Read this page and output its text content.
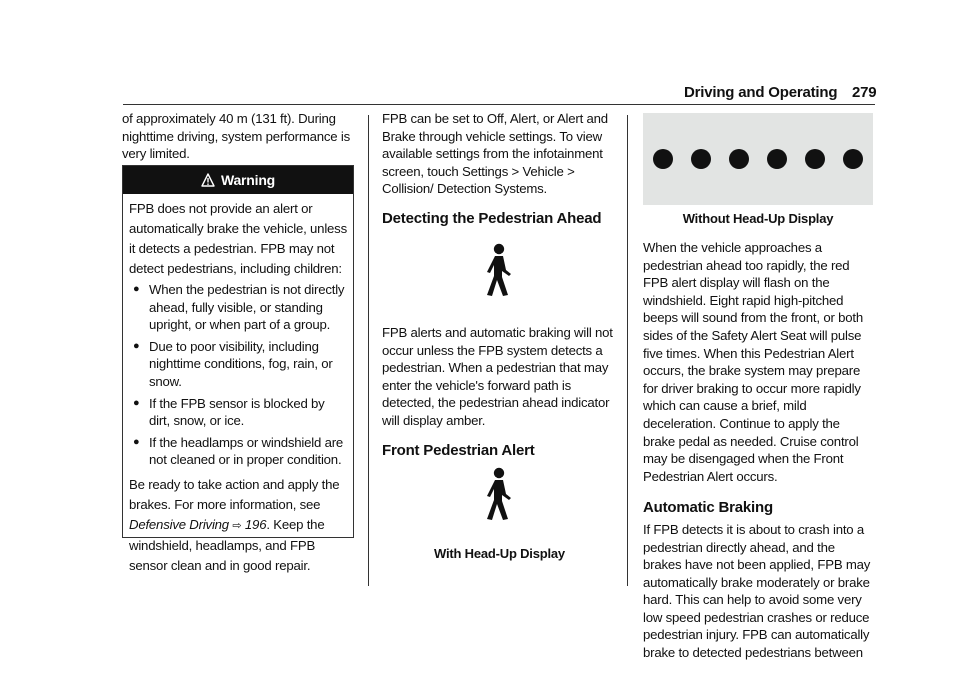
Driving and Operating 279

of approximately 40 m (131 ft). During nighttime driving, system performance is very limited.

Warning

FPB does not provide an alert or automatically brake the vehicle, unless it detects a pedestrian. FPB may not detect pedestrians, including children:

● When the pedestrian is not directly ahead, fully visible, or standing upright, or when part of a group.
● Due to poor visibility, including nighttime conditions, fog, rain, or snow.
● If the FPB sensor is blocked by dirt, snow, or ice.
● If the headlamps or windshield are not cleaned or in proper condition.

Be ready to take action and apply the brakes. For more information, see Defensive Driving ⇨ 196. Keep the windshield, headlamps, and FPB sensor clean and in good repair.

FPB can be set to Off, Alert, or Alert and Brake through vehicle settings. To view available settings from the infotainment screen, touch Settings > Vehicle > Collision/ Detection Systems.

Detecting the Pedestrian Ahead

FPB alerts and automatic braking will not occur unless the FPB system detects a pedestrian. When a pedestrian that may enter the vehicle's forward path is detected, the pedestrian ahead indicator will display amber.

Front Pedestrian Alert
With Head-Up Display
Without Head-Up Display

When the vehicle approaches a pedestrian ahead too rapidly, the red FPB alert display will flash on the windshield. Eight rapid high-pitched beeps will sound from the front, or both sides of the Safety Alert Seat will pulse five times. When this Pedestrian Alert occurs, the brake system may prepare for driver braking to occur more rapidly which can cause a brief, mild deceleration. Continue to apply the brake pedal as needed. Cruise control may be disengaged when the Front Pedestrian Alert occurs.

Automatic Braking

If FPB detects it is about to crash into a pedestrian directly ahead, and the brakes have not been applied, FPB may automatically brake moderately or brake hard. This can help to avoid some very low speed pedestrian crashes or reduce pedestrian injury. FPB can automatically brake to detected pedestrians between
